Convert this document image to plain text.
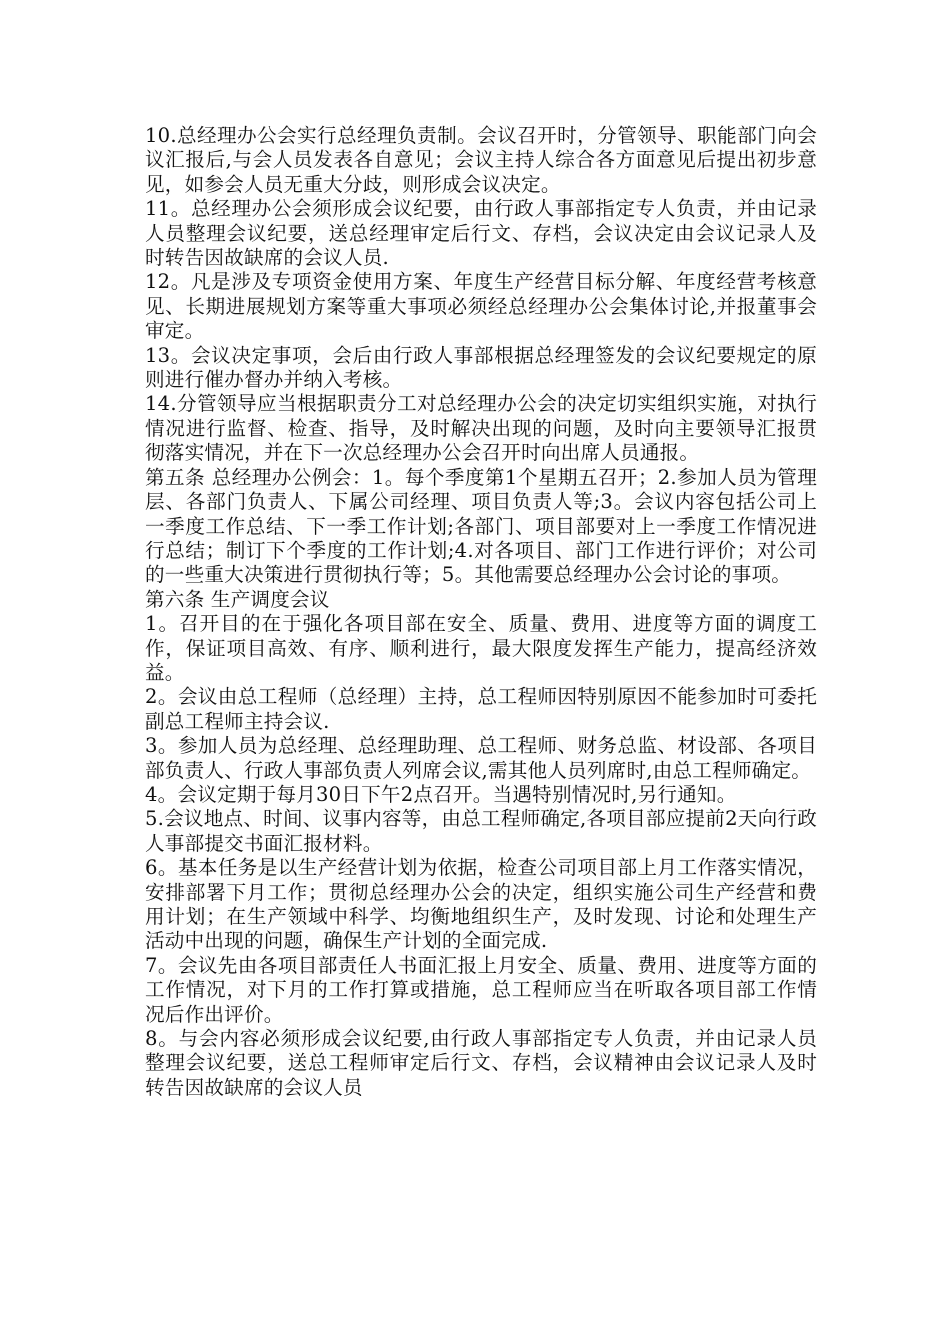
10.总经理办公会实行总经理负责制。会议召开时，分管领导、职能部门向会议汇报后,与会人员发表各自意见；会议主持人综合各方面意见后提出初步意见，如参会人员无重大分歧，则形成会议决定。

11。总经理办公会须形成会议纪要，由行政人事部指定专人负责，并由记录人员整理会议纪要，送总经理审定后行文、存档，会议决定由会议记录人及时转告因故缺席的会议人员.

12。凡是涉及专项资金使用方案、年度生产经营目标分解、年度经营考核意见、长期进展规划方案等重大事项必须经总经理办公会集体讨论,并报董事会审定。

13。会议决定事项，会后由行政人事部根据总经理签发的会议纪要规定的原则进行催办督办并纳入考核。

14.分管领导应当根据职责分工对总经理办公会的决定切实组织实施，对执行情况进行监督、检查、指导，及时解决出现的问题，及时向主要领导汇报贯彻落实情况，并在下一次总经理办公会召开时向出席人员通报。

第五条 总经理办公例会：1。每个季度第1个星期五召开；2.参加人员为管理层、各部门负责人、下属公司经理、项目负责人等;3。会议内容包括公司上一季度工作总结、下一季工作计划;各部门、项目部要对上一季度工作情况进行总结；制订下个季度的工作计划;4.对各项目、部门工作进行评价；对公司的一些重大决策进行贯彻执行等；5。其他需要总经理办公会讨论的事项。

第六条 生产调度会议

1。召开目的在于强化各项目部在安全、质量、费用、进度等方面的调度工作，保证项目高效、有序、顺利进行，最大限度发挥生产能力，提高经济效益。

2。会议由总工程师（总经理）主持，总工程师因特别原因不能参加时可委托副总工程师主持会议.

3。参加人员为总经理、总经理助理、总工程师、财务总监、材设部、各项目部负责人、行政人事部负责人列席会议,需其他人员列席时,由总工程师确定。

4。会议定期于每月30日下午2点召开。当遇特别情况时,另行通知。

5.会议地点、时间、议事内容等，由总工程师确定,各项目部应提前2天向行政人事部提交书面汇报材料。

6。基本任务是以生产经营计划为依据，检查公司项目部上月工作落实情况，安排部署下月工作；贯彻总经理办公会的决定，组织实施公司生产经营和费用计划；在生产领域中科学、均衡地组织生产，及时发现、讨论和处理生产活动中出现的问题，确保生产计划的全面完成.

7。会议先由各项目部责任人书面汇报上月安全、质量、费用、进度等方面的工作情况，对下月的工作打算或措施，总工程师应当在听取各项目部工作情况后作出评价。

8。与会内容必须形成会议纪要,由行政人事部指定专人负责，并由记录人员整理会议纪要，送总工程师审定后行文、存档，会议精神由会议记录人及时转告因故缺席的会议人员
